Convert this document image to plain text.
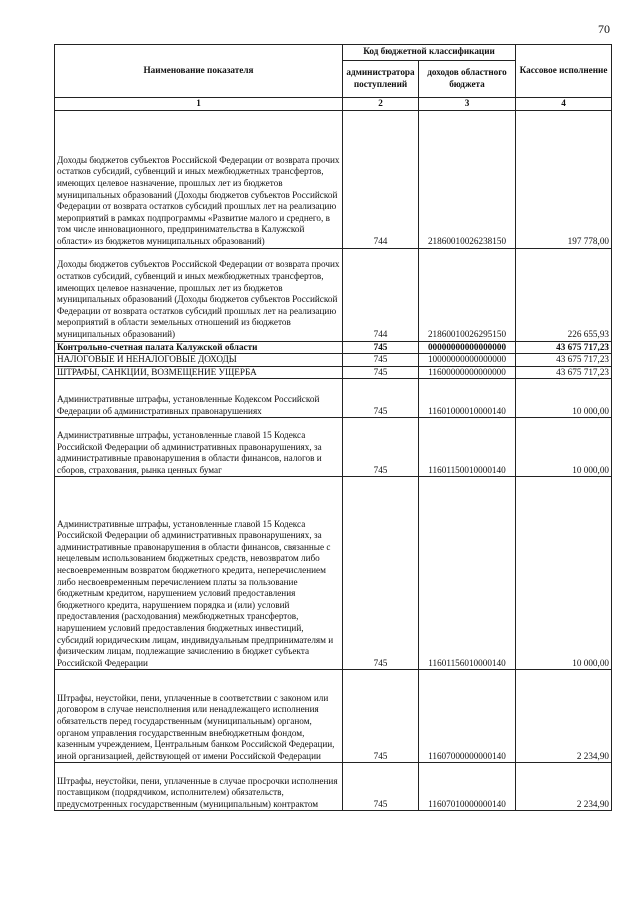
70
Наименование показателя	Код бюджетной классификации		Кассовое исполнение
	администратора поступлений	доходов областного бюджета	
1	2	3	4
Доходы бюджетов субъектов Российской Федерации от возврата прочих остатков субсидий, субвенций и иных межбюджетных трансфертов, имеющих целевое назначение, прошлых лет из бюджетов муниципальных образований (Доходы бюджетов субъектов Российской Федерации от возврата остатков субсидий прошлых лет на реализацию мероприятий в рамках подпрограммы «Развитие малого и среднего, в том числе инновационного, предпринимательства в Калужской области» из бюджетов муниципальных образований)	744	21860010026238150	197 778,00
Доходы бюджетов субъектов Российской Федерации от возврата прочих остатков субсидий, субвенций и иных межбюджетных трансфертов, имеющих целевое назначение, прошлых лет из бюджетов муниципальных образований (Доходы бюджетов субъектов Российской Федерации от возврата остатков субсидий прошлых лет на реализацию мероприятий в области земельных отношений из бюджетов муниципальных образований)	744	21860010026295150	226 655,93
Контрольно-счетная палата Калужской области	745	00000000000000000	43 675 717,23
НАЛОГОВЫЕ И НЕНАЛОГОВЫЕ ДОХОДЫ	745	10000000000000000	43 675 717,23
ШТРАФЫ, САНКЦИИ, ВОЗМЕЩЕНИЕ УЩЕРБА	745	11600000000000000	43 675 717,23
Административные штрафы, установленные Кодексом Российской Федерации об административных правонарушениях	745	11601000010000140	10 000,00
Административные штрафы, установленные главой 15 Кодекса Российской Федерации об административных правонарушениях, за административные правонарушения в области финансов, налогов и сборов, страхования, рынка ценных бумаг	745	11601150010000140	10 000,00
Административные штрафы, установленные главой 15 Кодекса Российской Федерации об административных правонарушениях, за административные правонарушения в области финансов, связанные с нецелевым использованием бюджетных средств, невозвратом либо несвоевременным возвратом бюджетного кредита, неперечислением либо несвоевременным перечислением платы за пользование бюджетным кредитом, нарушением условий предоставления бюджетного кредита, нарушением порядка и (или) условий предоставления (расходования) межбюджетных трансфертов, нарушением условий предоставления бюджетных инвестиций, субсидий юридическим лицам, индивидуальным предпринимателям и физическим лицам, подлежащие зачислению в бюджет субъекта Российской Федерации	745	11601156010000140	10 000,00
Штрафы, неустойки, пени, уплаченные в соответствии с законом или договором в случае неисполнения или ненадлежащего исполнения обязательств перед государственным (муниципальным) органом, органом управления государственным внебюджетным фондом, казенным учреждением, Центральным банком Российской Федерации, иной организацией, действующей от имени Российской Федерации	745	11607000000000140	2 234,90
Штрафы, неустойки, пени, уплаченные в случае просрочки исполнения поставщиком (подрядчиком, исполнителем) обязательств, предусмотренных государственным (муниципальным) контрактом	745	11607010000000140	2 234,90
